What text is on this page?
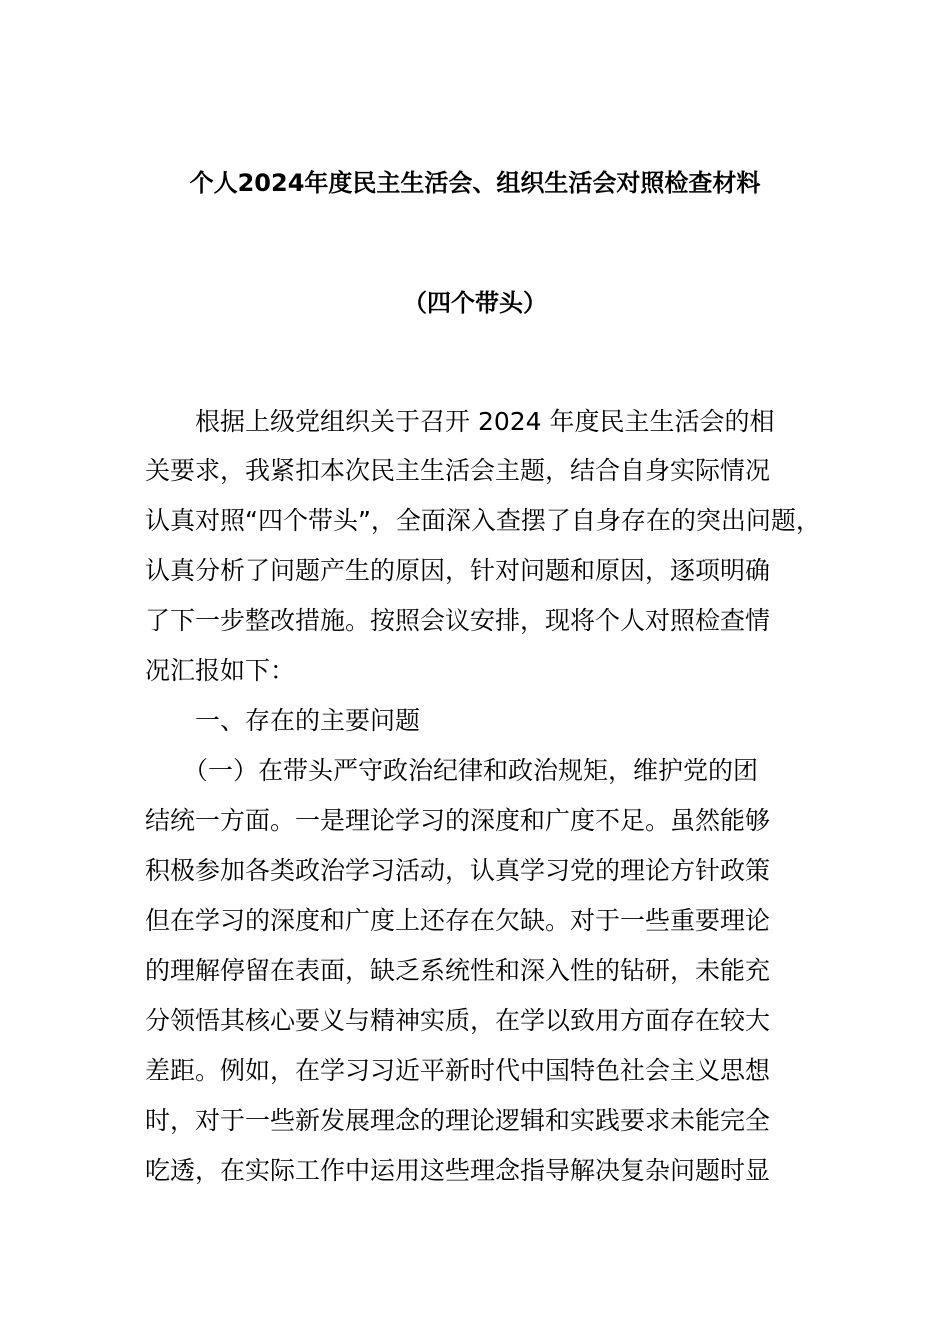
个人2024年度民主生活会、组织生活会对照检查材料
（四个带头）
根据上级党组织关于召开 2024 年度民主生活会的相
关要求，我紧扣本次民主生活会主题，结合自身实际情况
认真对照“四个带头”，全面深入查摆了自身存在的突出问题，
认真分析了问题产生的原因，针对问题和原因，逐项明确
了下一步整改措施。按照会议安排，现将个人对照检查情
况汇报如下：
一、存在的主要问题
（一）在带头严守政治纪律和政治规矩，维护党的团
结统一方面。一是理论学习的深度和广度不足。虽然能够
积极参加各类政治学习活动，认真学习党的理论方针政策
但在学习的深度和广度上还存在欠缺。对于一些重要理论
的理解停留在表面，缺乏系统性和深入性的钻研，未能充
分领悟其核心要义与精神实质，在学以致用方面存在较大
差距。例如，在学习习近平新时代中国特色社会主义思想
时，对于一些新发展理念的理论逻辑和实践要求未能完全
吃透，在实际工作中运用这些理念指导解决复杂问题时显
